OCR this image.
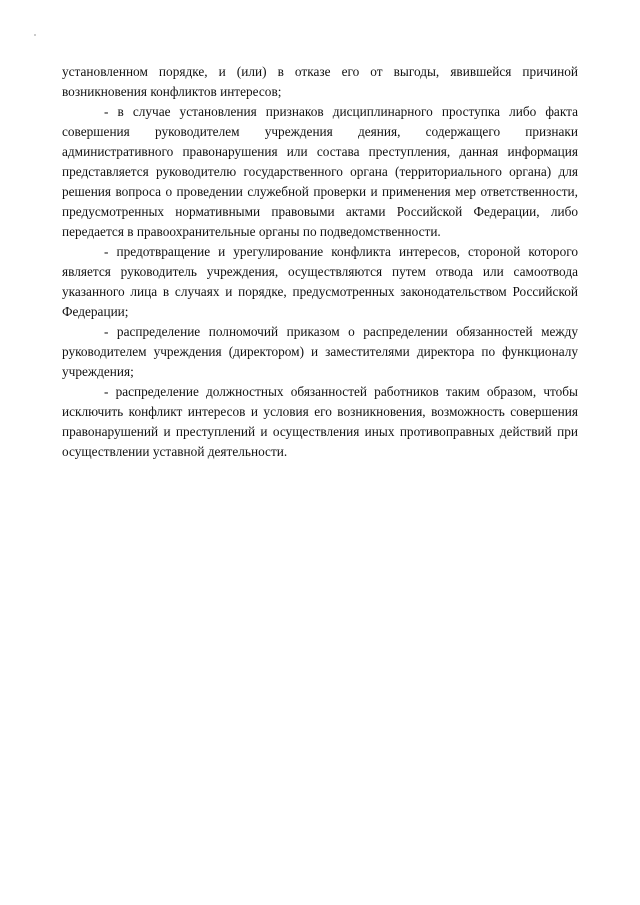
установленном порядке, и (или) в отказе его от выгоды, явившейся причиной возникновения конфликтов интересов;

- в случае установления признаков дисциплинарного проступка либо факта совершения руководителем учреждения деяния, содержащего признаки административного правонарушения или состава преступления, данная информация представляется руководителю государственного органа (территориального органа) для решения вопроса о проведении служебной проверки и применения мер ответственности, предусмотренных нормативными правовыми актами Российской Федерации, либо передается в правоохранительные органы по подведомственности.

- предотвращение и урегулирование конфликта интересов, стороной которого является руководитель учреждения, осуществляются путем отвода или самоотвода указанного лица в случаях и порядке, предусмотренных законодательством Российской Федерации;

- распределение полномочий приказом о распределении обязанностей между руководителем учреждения (директором) и заместителями директора по функционалу учреждения;

- распределение должностных обязанностей работников таким образом, чтобы исключить конфликт интересов и условия его возникновения, возможность совершения правонарушений и преступлений и осуществления иных противоправных действий при осуществлении уставной деятельности.
